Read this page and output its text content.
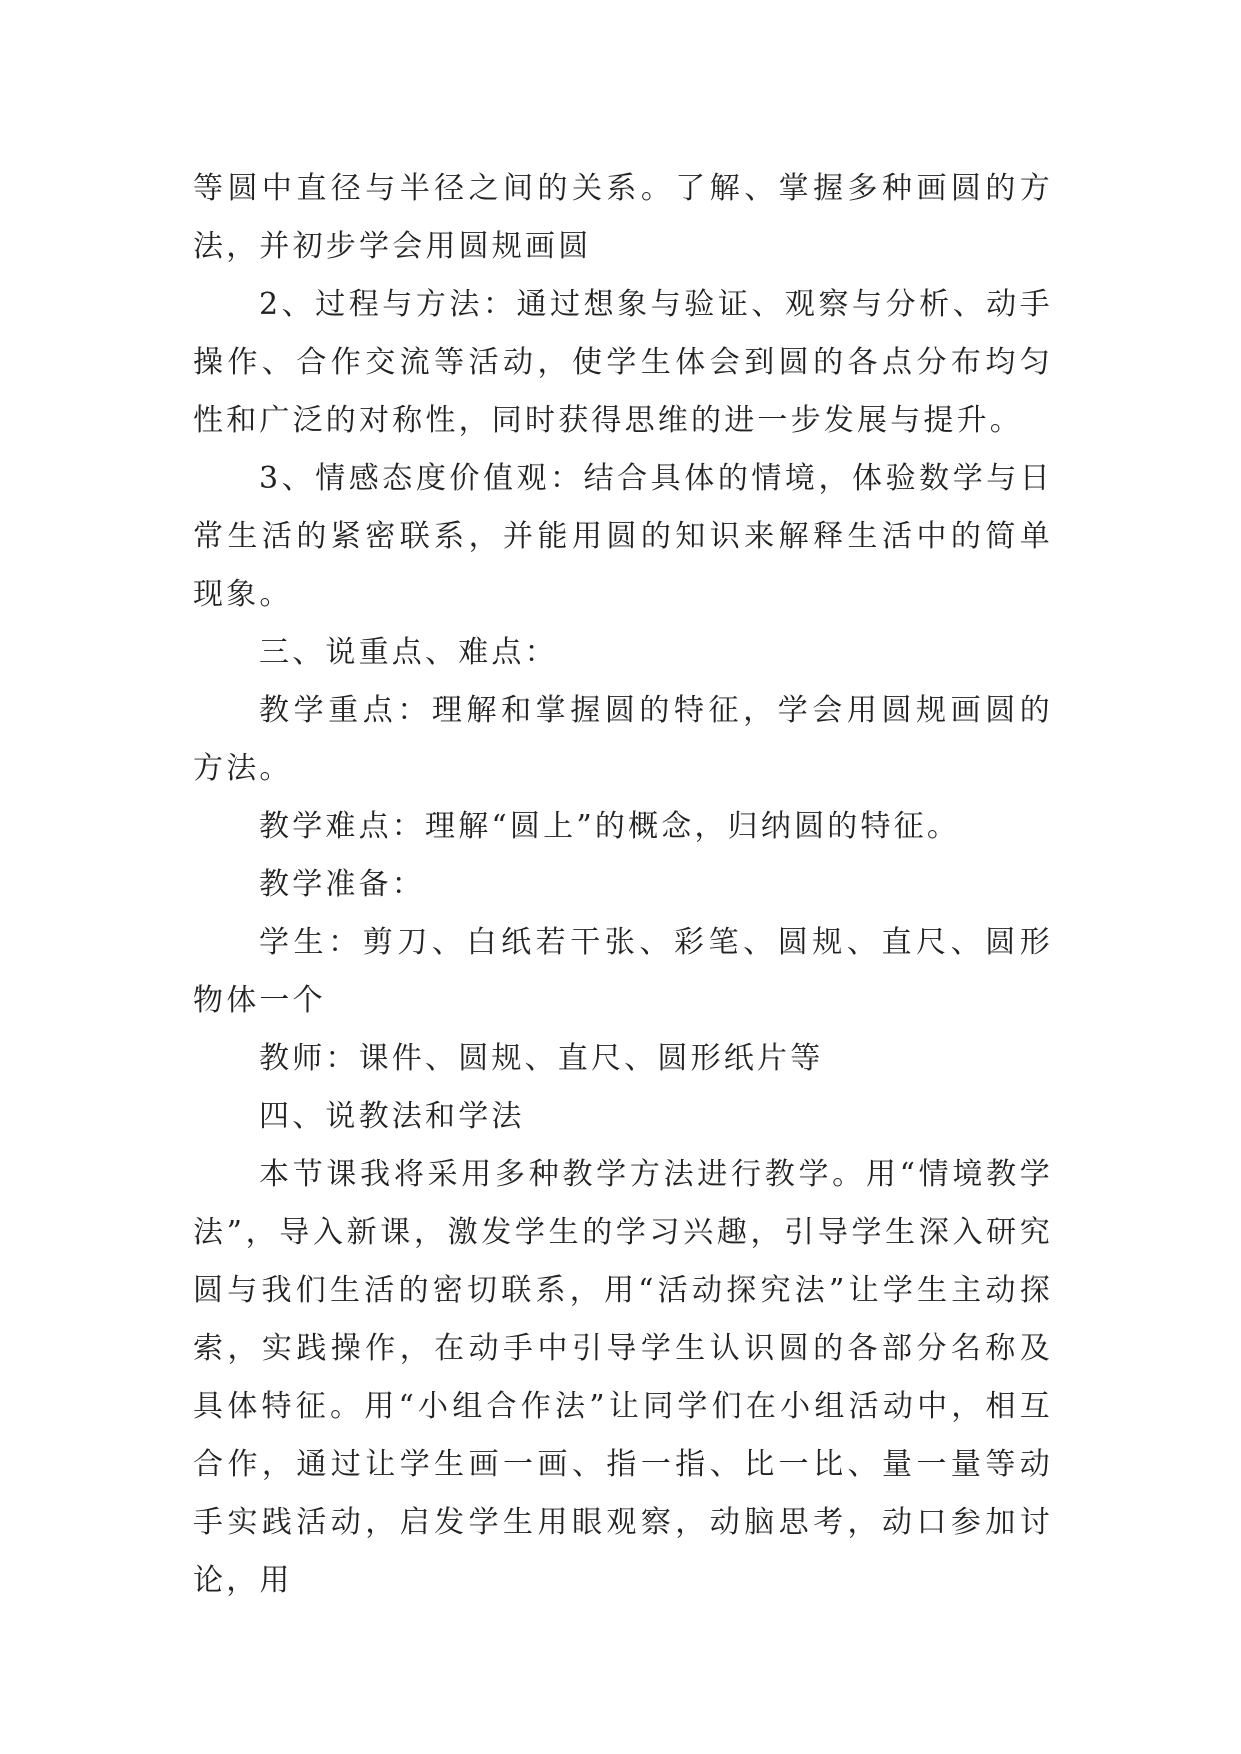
等圆中直径与半径之间的关系。了解、掌握多种画圆的方法，并初步学会用圆规画圆

2、过程与方法：通过想象与验证、观察与分析、动手操作、合作交流等活动，使学生体会到圆的各点分布均匀性和广泛的对称性，同时获得思维的进一步发展与提升。

3、情感态度价值观：结合具体的情境，体验数学与日常生活的紧密联系，并能用圆的知识来解释生活中的简单现象。

三、说重点、难点：

教学重点：理解和掌握圆的特征，学会用圆规画圆的方法。

教学难点：理解“圆上”的概念，归纳圆的特征。

教学准备：

学生：剪刀、白纸若干张、彩笔、圆规、直尺、圆形物体一个

教师：课件、圆规、直尺、圆形纸片等

四、说教法和学法

本节课我将采用多种教学方法进行教学。用“情境教学法”，导入新课，激发学生的学习兴趣，引导学生深入研究圆与我们生活的密切联系，用“活动探究法”让学生主动探索，实践操作，在动手中引导学生认识圆的各部分名称及具体特征。用“小组合作法”让同学们在小组活动中，相互合作，通过让学生画一画、指一指、比一比、量一量等动手实践活动，启发学生用眼观察，动脑思考，动口参加讨论，用
